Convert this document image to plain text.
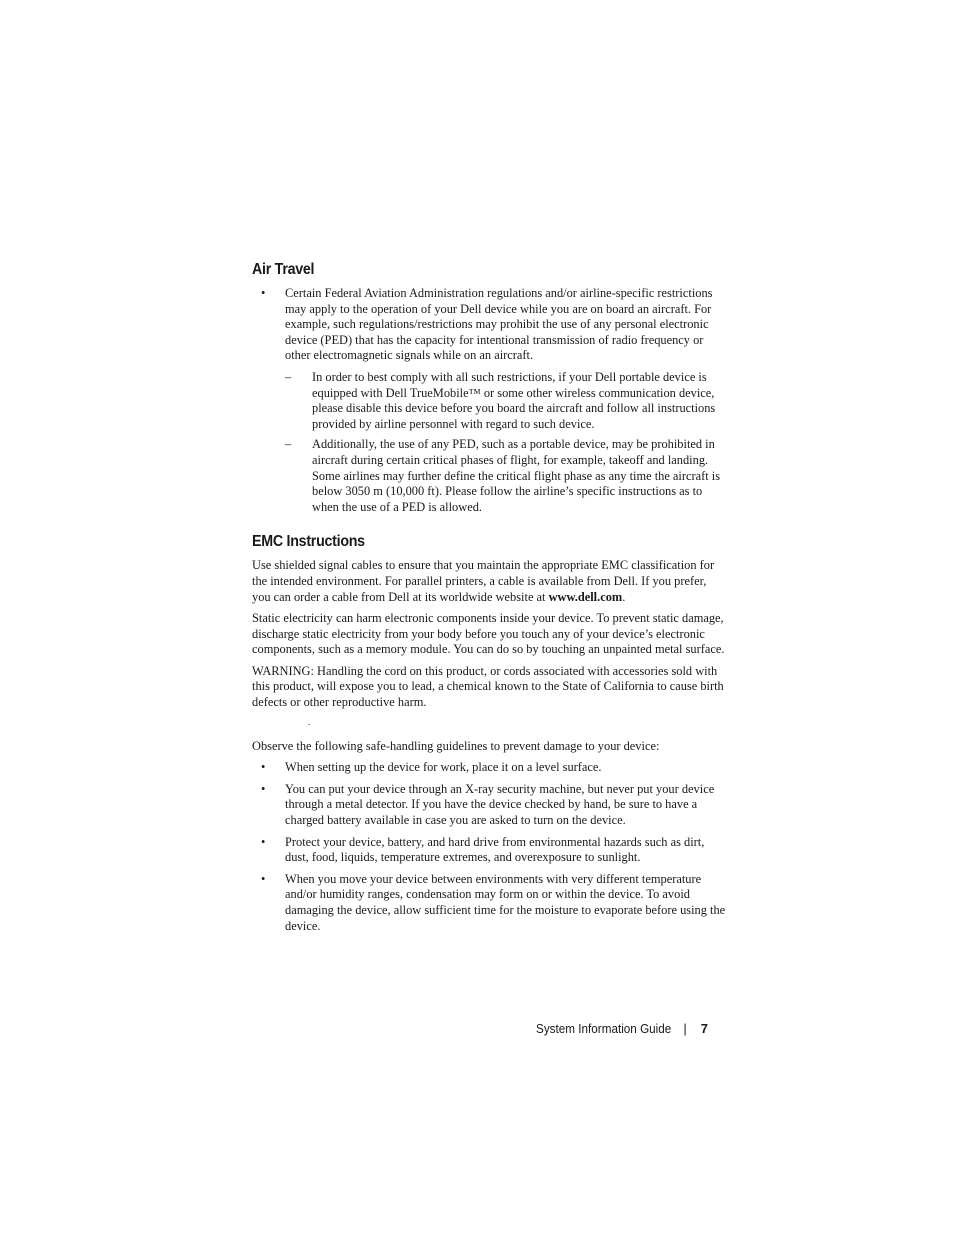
Air Travel
• Certain Federal Aviation Administration regulations and/or airline-specific restrictions may apply to the operation of your Dell device while you are on board an aircraft. For example, such regulations/restrictions may prohibit the use of any personal electronic device (PED) that has the capacity for intentional transmission of radio frequency or other electromagnetic signals while on an aircraft.
– In order to best comply with all such restrictions, if your Dell portable device is equipped with Dell TrueMobile™ or some other wireless communication device, please disable this device before you board the aircraft and follow all instructions provided by airline personnel with regard to such device.
– Additionally, the use of any PED, such as a portable device, may be prohibited in aircraft during certain critical phases of flight, for example, takeoff and landing. Some airlines may further define the critical flight phase as any time the aircraft is below 3050 m (10,000 ft). Please follow the airline’s specific instructions as to when the use of a PED is allowed.
EMC Instructions

Use shielded signal cables to ensure that you maintain the appropriate EMC classification for the intended environment. For parallel printers, a cable is available from Dell. If you prefer, you can order a cable from Dell at its worldwide website at www.dell.com.

Static electricity can harm electronic components inside your device. To prevent static damage, discharge static electricity from your body before you touch any of your device’s electronic components, such as a memory module. You can do so by touching an unpainted metal surface.

WARNING: Handling the cord on this product, or cords associated with accessories sold with this product, will expose you to lead, a chemical known to the State of California to cause birth defects or other reproductive harm.

.

Observe the following safe-handling guidelines to prevent damage to your device:

• When setting up the device for work, place it on a level surface.
• You can put your device through an X-ray security machine, but never put your device through a metal detector. If you have the device checked by hand, be sure to have a charged battery available in case you are asked to turn on the device.
• Protect your device, battery, and hard drive from environmental hazards such as dirt, dust, food, liquids, temperature extremes, and overexposure to sunlight.
• When you move your device between environments with very different temperature and/or humidity ranges, condensation may form on or within the device. To avoid damaging the device, allow sufficient time for the moisture to evaporate before using the device.
System Information Guide | 7
